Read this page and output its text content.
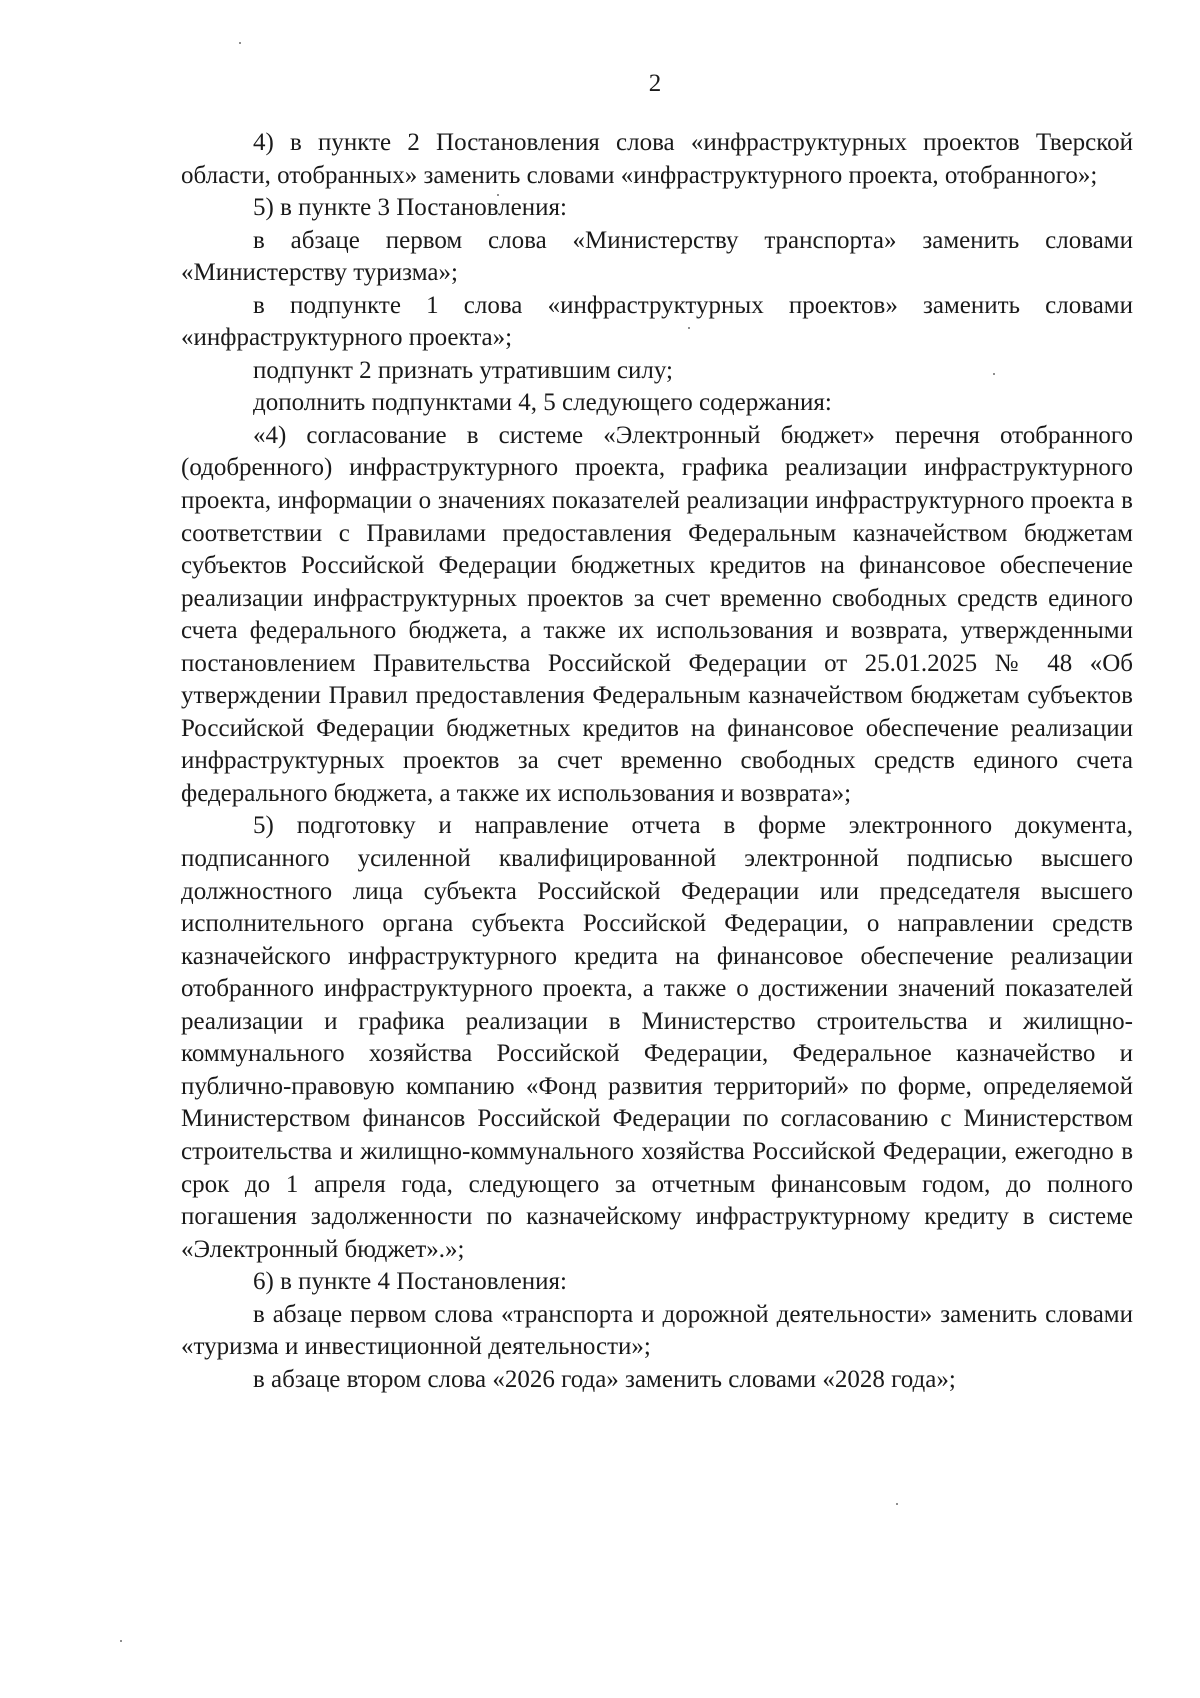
2

4) в пункте 2 Постановления слова «инфраструктурных проектов Тверской области, отобранных» заменить словами «инфраструктурного проекта, отобранного»;

5) в пункте 3 Постановления:

в абзаце первом слова «Министерству транспорта» заменить словами «Министерству туризма»;

в подпункте 1 слова «инфраструктурных проектов» заменить словами «инфраструктурного проекта»;

подпункт 2 признать утратившим силу;

дополнить подпунктами 4, 5 следующего содержания:

«4) согласование в системе «Электронный бюджет» перечня отобранного (одобренного) инфраструктурного проекта, графика реализации инфраструктурного проекта, информации о значениях показателей реализации инфраструктурного проекта в соответствии с Правилами предоставления Федеральным казначейством бюджетам субъектов Российской Федерации бюджетных кредитов на финансовое обеспечение реализации инфраструктурных проектов за счет временно свободных средств единого счета федерального бюджета, а также их использования и возврата, утвержденными постановлением Правительства Российской Федерации от 25.01.2025 № 48 «Об утверждении Правил предоставления Федеральным казначейством бюджетам субъектов Российской Федерации бюджетных кредитов на финансовое обеспечение реализации инфраструктурных проектов за счет временно свободных средств единого счета федерального бюджета, а также их использования и возврата»;

5) подготовку и направление отчета в форме электронного документа, подписанного усиленной квалифицированной электронной подписью высшего должностного лица субъекта Российской Федерации или председателя высшего исполнительного органа субъекта Российской Федерации, о направлении средств казначейского инфраструктурного кредита на финансовое обеспечение реализации отобранного инфраструктурного проекта, а также о достижении значений показателей реализации и графика реализации в Министерство строительства и жилищно-коммунального хозяйства Российской Федерации, Федеральное казначейство и публично-правовую компанию «Фонд развития территорий» по форме, определяемой Министерством финансов Российской Федерации по согласованию с Министерством строительства и жилищно-коммунального хозяйства Российской Федерации, ежегодно в срок до 1 апреля года, следующего за отчетным финансовым годом, до полного погашения задолженности по казначейскому инфраструктурному кредиту в системе «Электронный бюджет».»;

6) в пункте 4 Постановления:

в абзаце первом слова «транспорта и дорожной деятельности» заменить словами «туризма и инвестиционной деятельности»;

в абзаце втором слова «2026 года» заменить словами «2028 года»;
